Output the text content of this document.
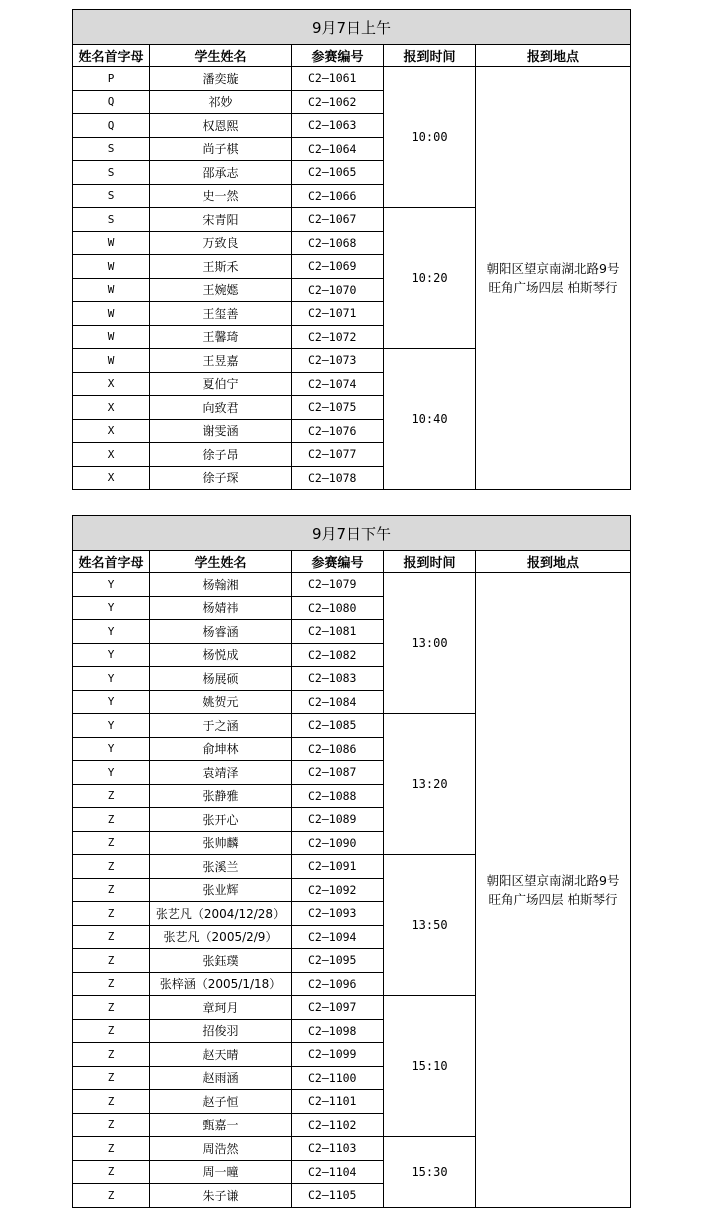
9月7日上午				
姓名首字母	学生姓名	参赛编号	报到时间	报到地点
P	潘奕璇	C2—1061	10:00	朝阳区望京南湖北路9号
旺角广场四层 柏斯琴行

Q	祁妙	C2—1062		
Q	权恩熙	C2—1063		
S	尚子棋	C2—1064		
S	邵承志	C2—1065		
S	史一然	C2—1066		
S	宋青阳	C2—1067	10:20	
W	万致良	C2—1068		
W	王斯禾	C2—1069		
W	王婉嫕	C2—1070		
W	王玺善	C2—1071		
W	王馨琦	C2—1072		
W	王昱嘉	C2—1073	10:40	
X	夏伯宁	C2—1074		
X	向致君	C2—1075		
X	谢雯涵	C2—1076		
X	徐子昂	C2—1077		
X	徐子琛	C2—1078		
9月7日下午				
姓名首字母	学生姓名	参赛编号	报到时间	报到地点
Y	杨翰湘	C2—1079	13:00	朝阳区望京南湖北路9号
旺角广场四层 柏斯琴行

Y	杨婧祎	C2—1080		
Y	杨睿涵	C2—1081		
Y	杨悦成	C2—1082		
Y	杨展硕	C2—1083		
Y	姚贺元	C2—1084		
Y	于之涵	C2—1085	13:20	
Y	俞坤林	C2—1086		
Y	袁靖泽	C2—1087		
Z	张静雅	C2—1088		
Z	张开心	C2—1089		
Z	张帅麟	C2—1090		
Z	张溪兰	C2—1091	13:50	
Z	张业辉	C2—1092		
Z	张艺凡（2004/12/28）	C2—1093		
Z	张艺凡（2005/2/9）	C2—1094		
Z	张鈺璞	C2—1095		
Z	张梓涵（2005/1/18）	C2—1096		
Z	章珂月	C2—1097	15:10	
Z	招俊羽	C2—1098		
Z	赵天晴	C2—1099		
Z	赵雨涵	C2—1100		
Z	赵子恒	C2—1101		
Z	甄嘉一	C2—1102		
Z	周浩然	C2—1103	15:30	
Z	周一曈	C2—1104		
Z	朱子谦	C2—1105		
